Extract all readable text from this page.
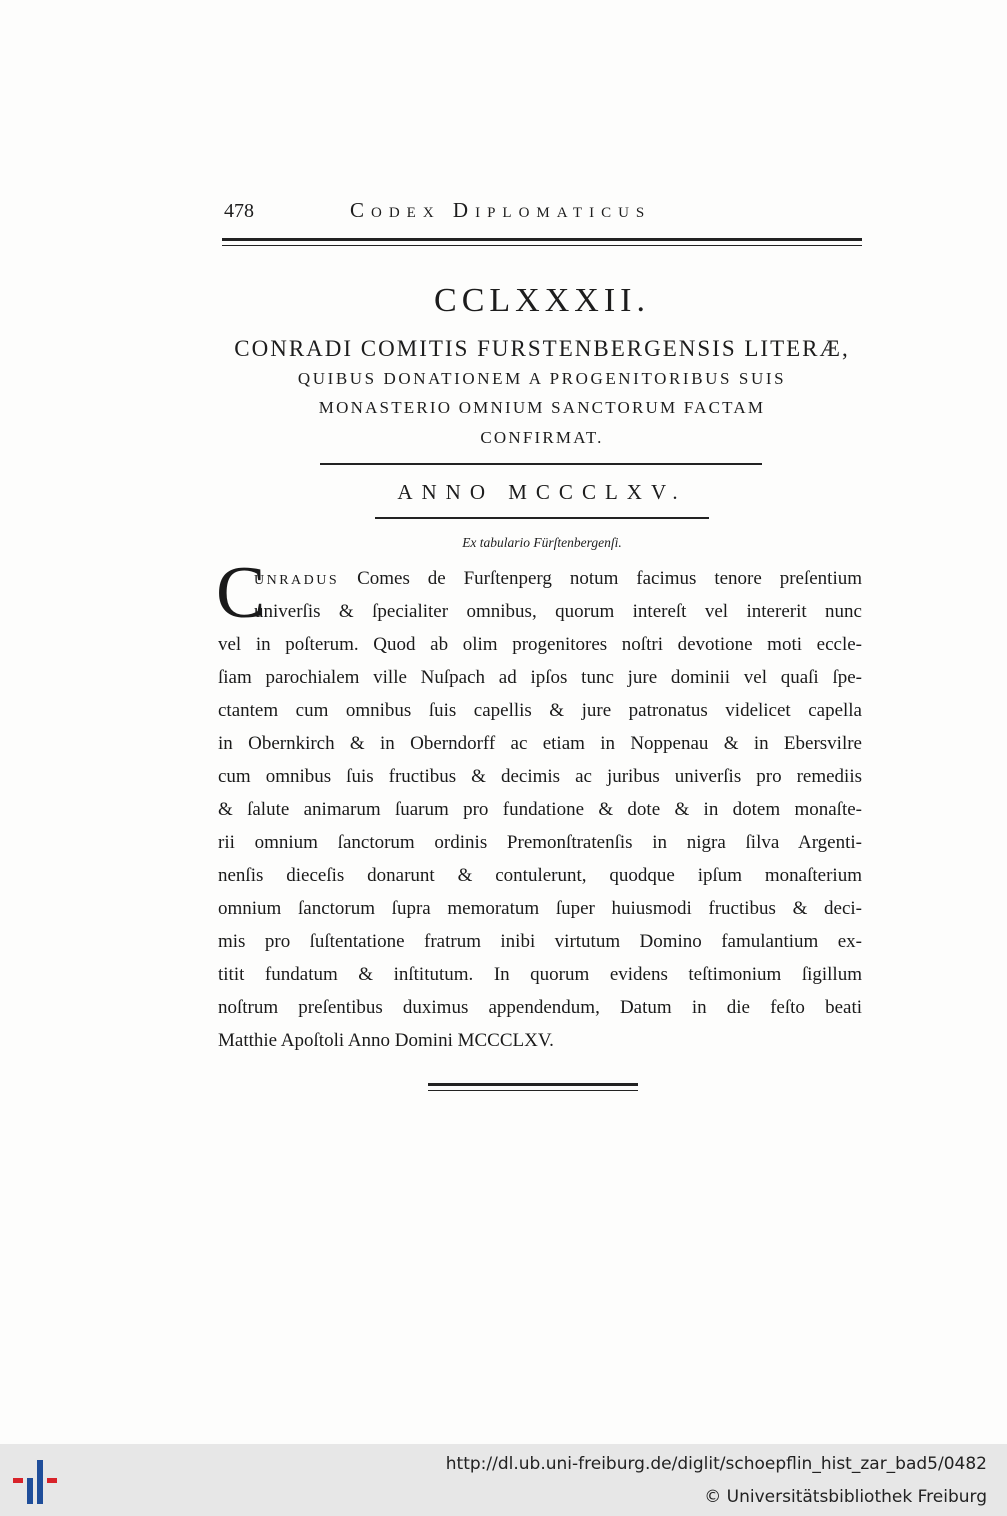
478	Codex Diplomaticus
CCLXXXII.
CONRADI COMITIS FURSTENBERGENSIS LITERÆ,
QUIBUS DONATIONEM A PROGENITORIBUS SUIS
MONASTERIO OMNIUM SANCTORUM FACTAM
CONFIRMAT.
ANNO MCCCLXV.
Ex tabulario Fürſtenbergenſi.
C
UNRADUS Comes de Furſtenperg notum facimus tenore preſentium
univerſis & ſpecialiter omnibus, quorum intereſt vel intererit nunc
vel in poſterum. Quod ab olim progenitores noſtri devotione moti eccle-
ſiam parochialem ville Nuſpach ad ipſos tunc jure dominii vel quaſi ſpe-
ctantem cum omnibus ſuis capellis & jure patronatus videlicet capella
in Obernkirch & in Oberndorff ac etiam in Noppenau & in Ebersvilre
cum omnibus ſuis fructibus & decimis ac juribus univerſis pro remediis
& ſalute animarum ſuarum pro fundatione & dote & in dotem monaſte-
rii omnium ſanctorum ordinis Premonſtratenſis in nigra ſilva Argenti-
nenſis diеceſis donarunt & contulerunt, quodque ipſum monaſterium
omnium ſanctorum ſupra memoratum ſuper huiusmodi fructibus & deci-
mis pro ſuſtentatione fratrum inibi virtutum Domino famulantium ex-
titit fundatum & inſtitutum. In quorum evidens teſtimonium ſigillum
noſtrum preſentibus duximus appendendum, Datum in die feſto beati
Matthie Apoſtoli Anno Domini MCCCLXV.
http://dl.ub.uni-freiburg.de/diglit/schoepflin_hist_zar_bad5/0482
© Universitätsbibliothek Freiburg
